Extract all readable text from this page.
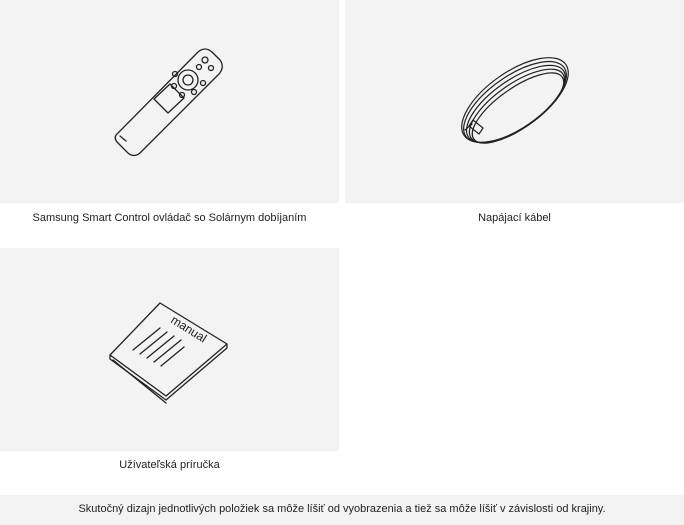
Samsung Smart Control ovládač so Solárnym dobíjaním	Napájací kábel
manual
Užívateľská príručka
Skutočný dizajn jednotlivých položiek sa môže líšiť od vyobrazenia a tiež sa môže líšiť v závislosti od krajiny.
